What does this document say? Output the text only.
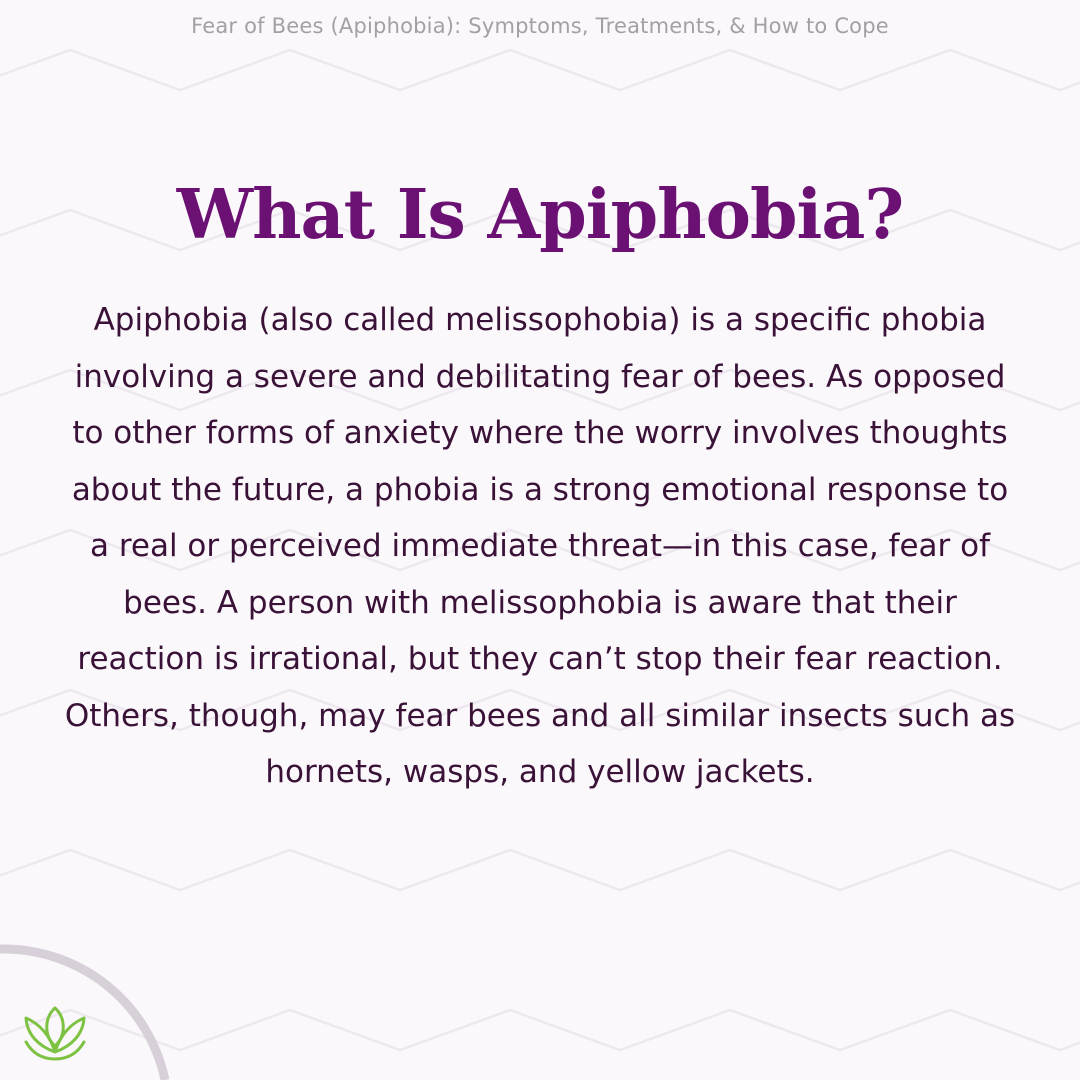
Fear of Bees (Apiphobia): Symptoms, Treatments, & How to Cope
What Is Apiphobia?

Apiphobia (also called melissophobia) is a specific phobia involving a severe and debilitating fear of bees. As opposed to other forms of anxiety where the worry involves thoughts about the future, a phobia is a strong emotional response to a real or perceived immediate threat—in this case, fear of bees. A person with melissophobia is aware that their reaction is irrational, but they can’t stop their fear reaction. Others, though, may fear bees and all similar insects such as hornets, wasps, and yellow jackets.
